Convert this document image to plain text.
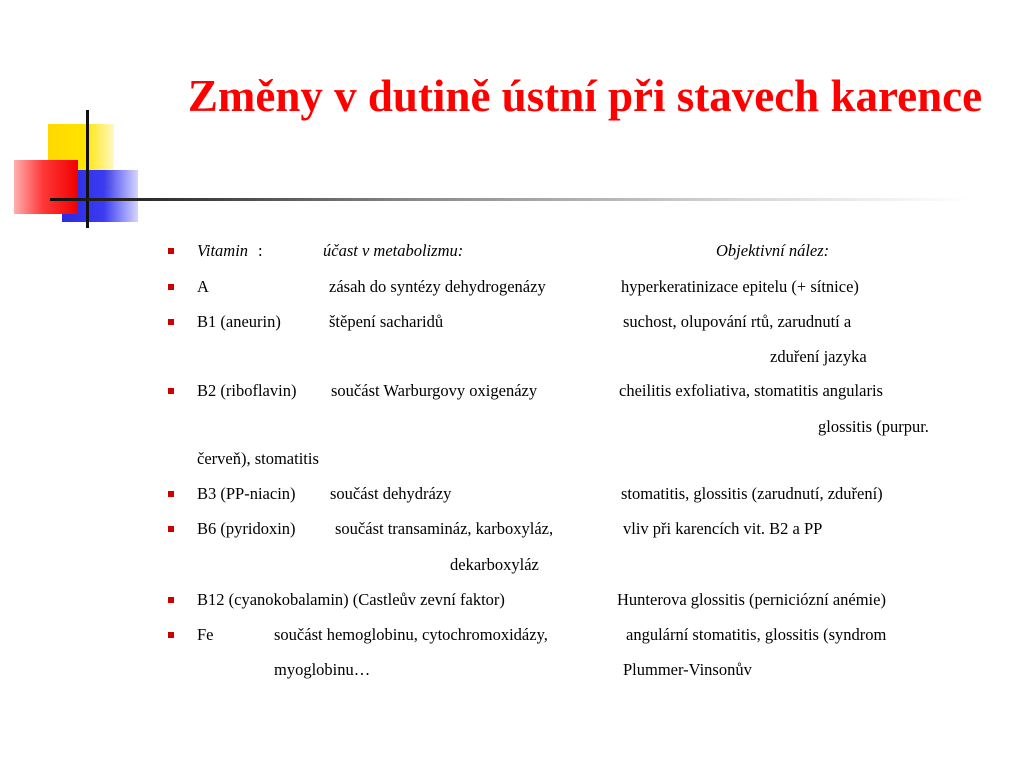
Změny v dutině ústní při stavech karence
Vitamin :	účast v metabolizmu:	Objektivní nález:
A	zásah do syntézy dehydrogenázy	hyperkeratinizace epitelu (+ sítnice)
B1 (aneurin)	štěpení sacharidů	suchost, olupování rtů, zarudnutí a
zduření jazyka
B2 (riboflavin) součást Warburgovy oxigenázy	cheilitis exfoliativa, stomatitis angularis
glossitis (purpur.
červeň), stomatitis
B3 (PP-niacin) součást dehydrázy	stomatitis, glossitis (zarudnutí, zduření)
B6 (pyridoxin) součást transamináz, karboxyláz,	vliv při karencích vit. B2 a PP
dekarboxyláz
B12 (cyanokobalamin) (Castleův zevní faktor)	Hunterova glossitis (perniciózní anémie)
Fe	součást hemoglobinu, cytochromoxidázy,	angulární stomatitis, glossitis (syndrom
myoglobinu…	Plummer-Vinsonův
